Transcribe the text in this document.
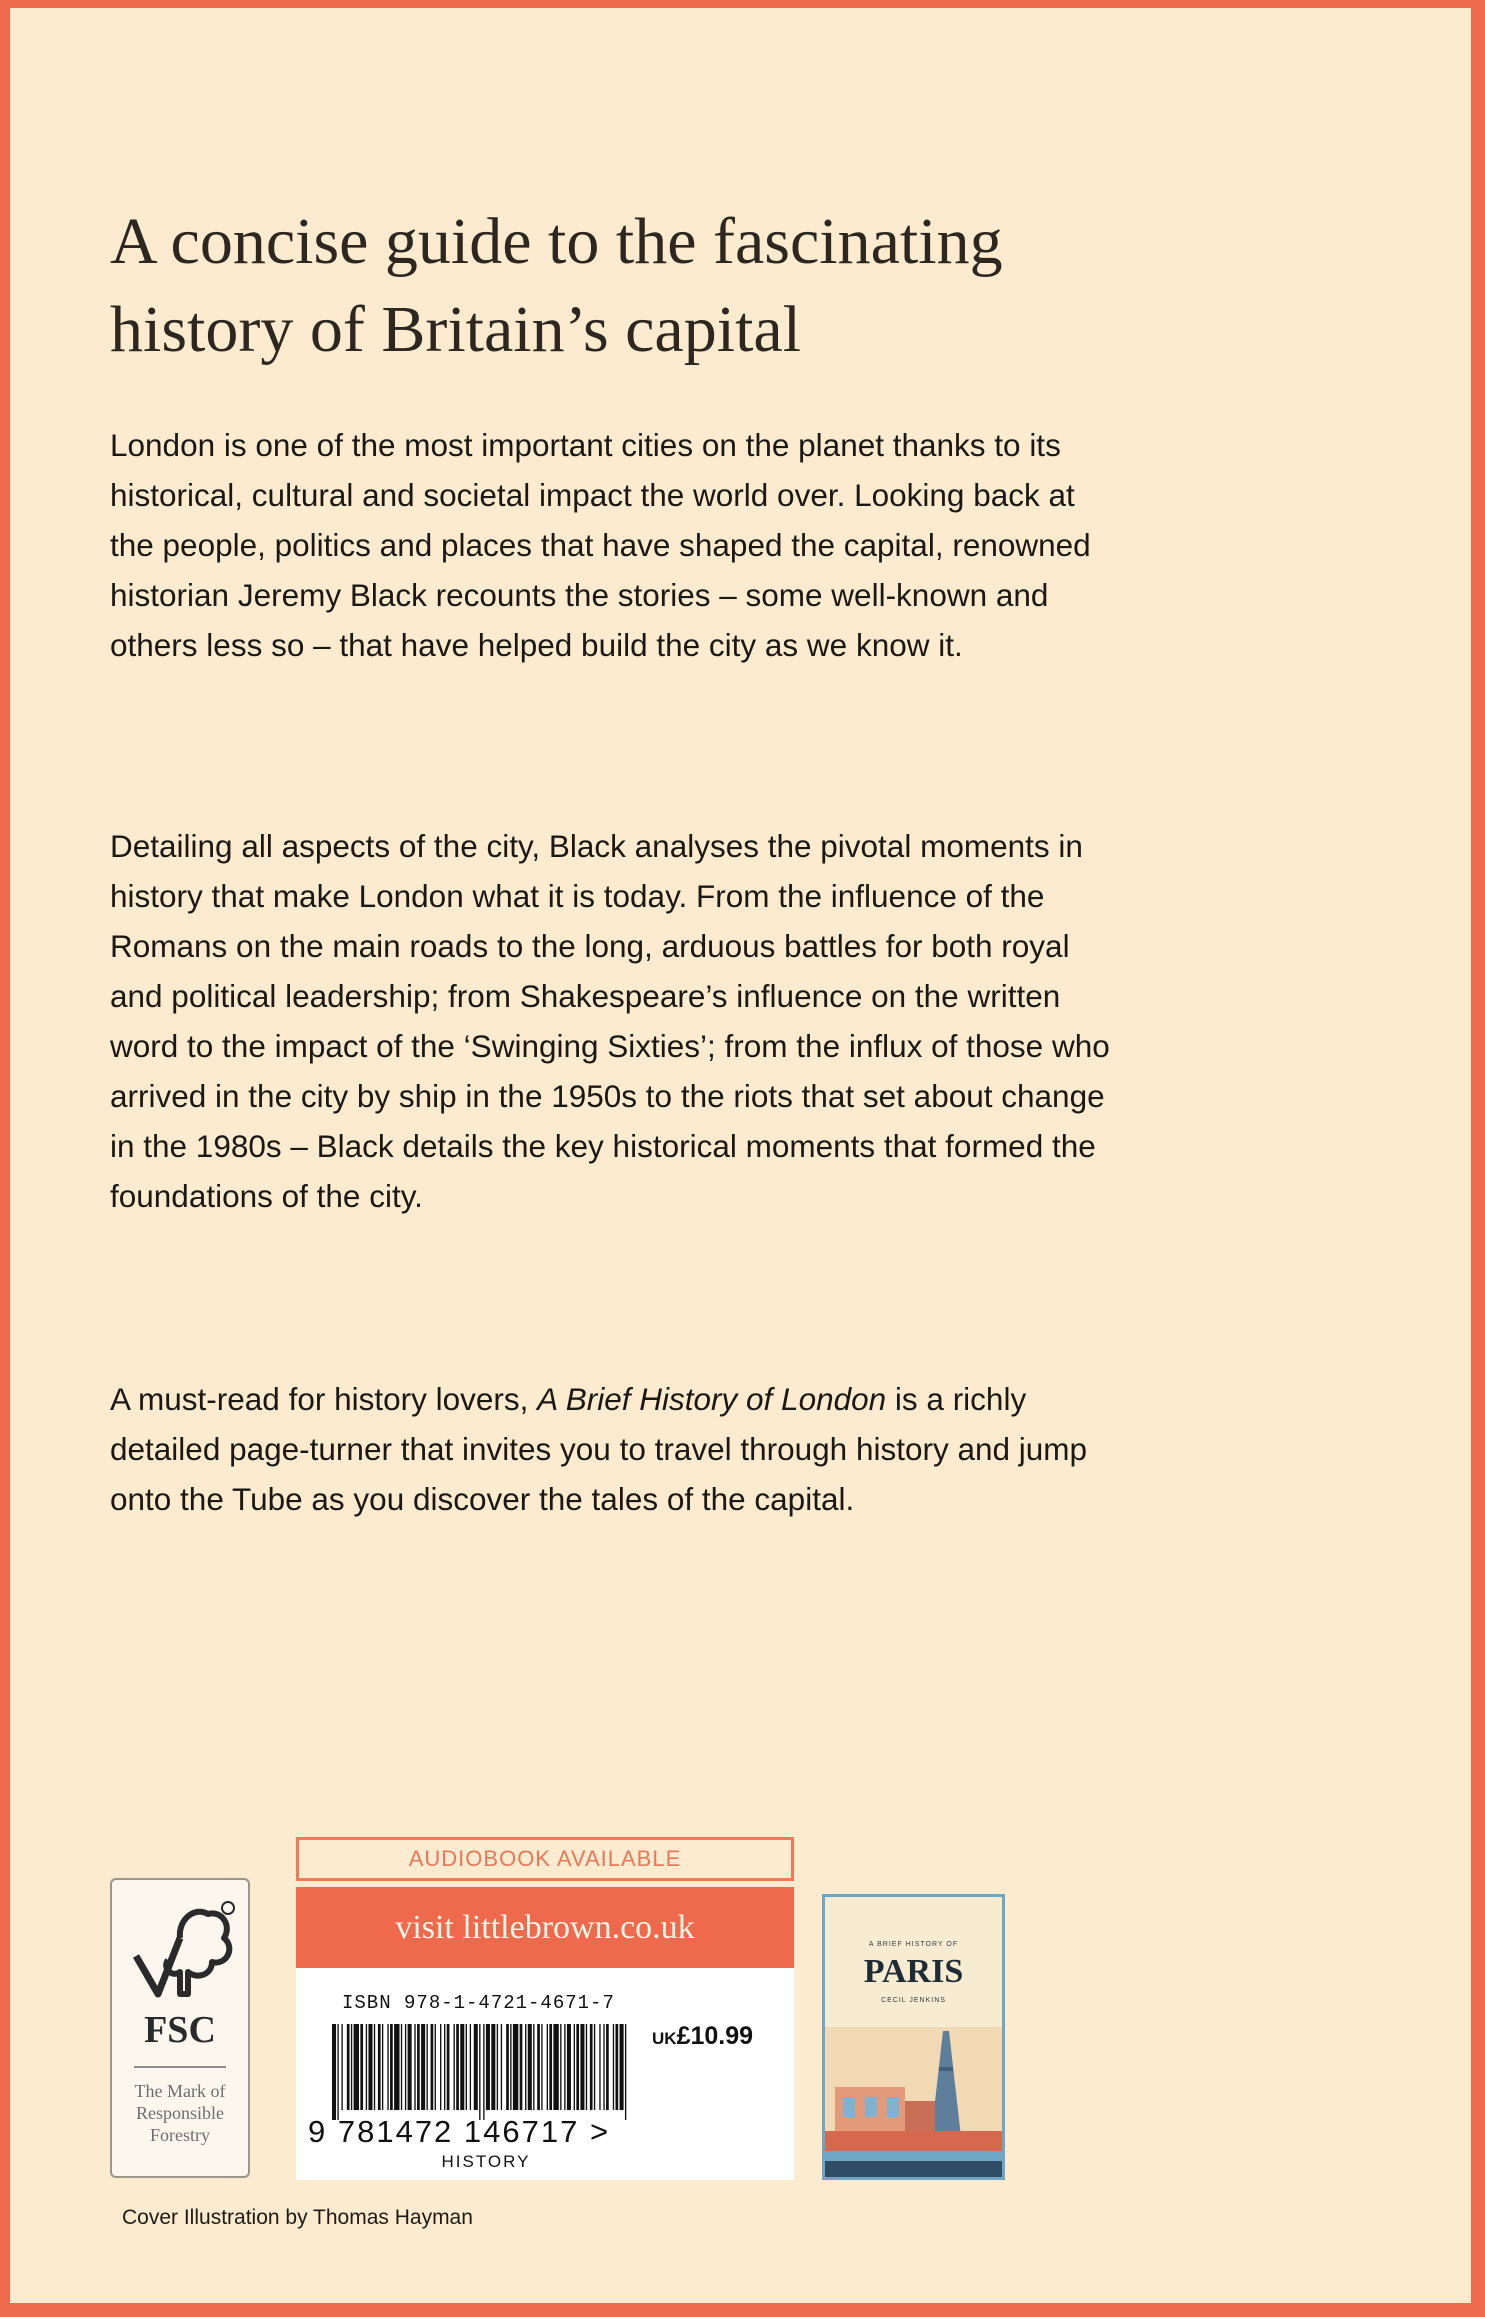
A concise guide to the fascinating
history of Britain’s capital

London is one of the most important cities on the planet thanks to its historical, cultural and societal impact the world over. Looking back at the people, politics and places that have shaped the capital, renowned historian Jeremy Black recounts the stories – some well-known and others less so – that have helped build the city as we know it.

Detailing all aspects of the city, Black analyses the pivotal moments in history that make London what it is today. From the influence of the Romans on the main roads to the long, arduous battles for both royal and political leadership; from Shakespeare’s influence on the written word to the impact of the ‘Swinging Sixties’; from the influx of those who arrived in the city by ship in the 1950s to the riots that set about change in the 1980s – Black details the key historical moments that formed the foundations of the city.

A must-read for history lovers, A Brief History of London is a richly detailed page-turner that invites you to travel through history and jump onto the Tube as you discover the tales of the capital.

FSC
The Mark of
Responsible
Forestry
AUDIOBOOK AVAILABLE
visit littlebrown.co.uk
ISBN 978-1-4721-4671-7
UK£10.99
9 781472 146717 >
HISTORY
A BRIEF HISTORY OF
PARIS
CECIL JENKINS
Cover Illustration by Thomas Hayman
